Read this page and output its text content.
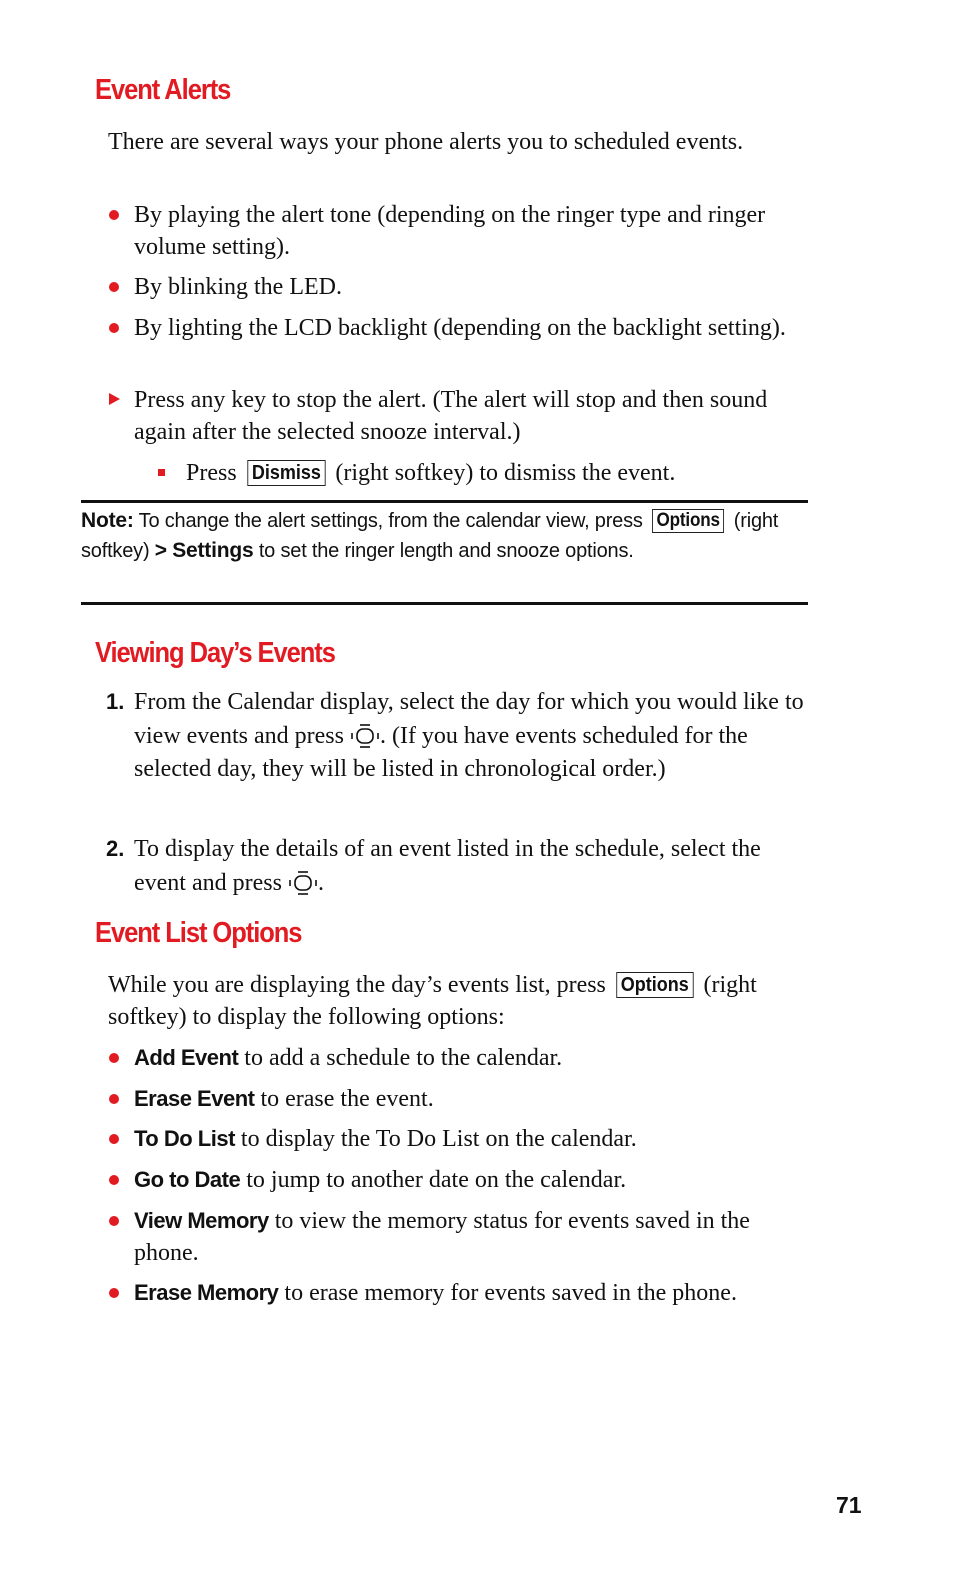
Event Alerts

There are several ways your phone alerts you to scheduled events.

By playing the alert tone (depending on the ringer type and ringer volume setting).
By blinking the LED.
By lighting the LCD backlight (depending on the backlight setting).
Press any key to stop the alert. (The alert will stop and then sound again after the selected snooze interval.)
Press Dismiss (right softkey) to dismiss the event.
Note: To change the alert settings, from the calendar view, press Options (right softkey) > Settings to set the ringer length and snooze options.
Viewing Day’s Events
1. From the Calendar display, select the day for which you would like to view events and press . (If you have events scheduled for the selected day, they will be listed in chronological order.)
2. To display the details of an event listed in the schedule, select the event and press .
Event List Options

While you are displaying the day’s events list, press Options (right softkey) to display the following options:

Add Event to add a schedule to the calendar.
Erase Event to erase the event.
To Do List to display the To Do List on the calendar.
Go to Date to jump to another date on the calendar.
View Memory to view the memory status for events saved in the phone.
Erase Memory to erase memory for events saved in the phone.
71
